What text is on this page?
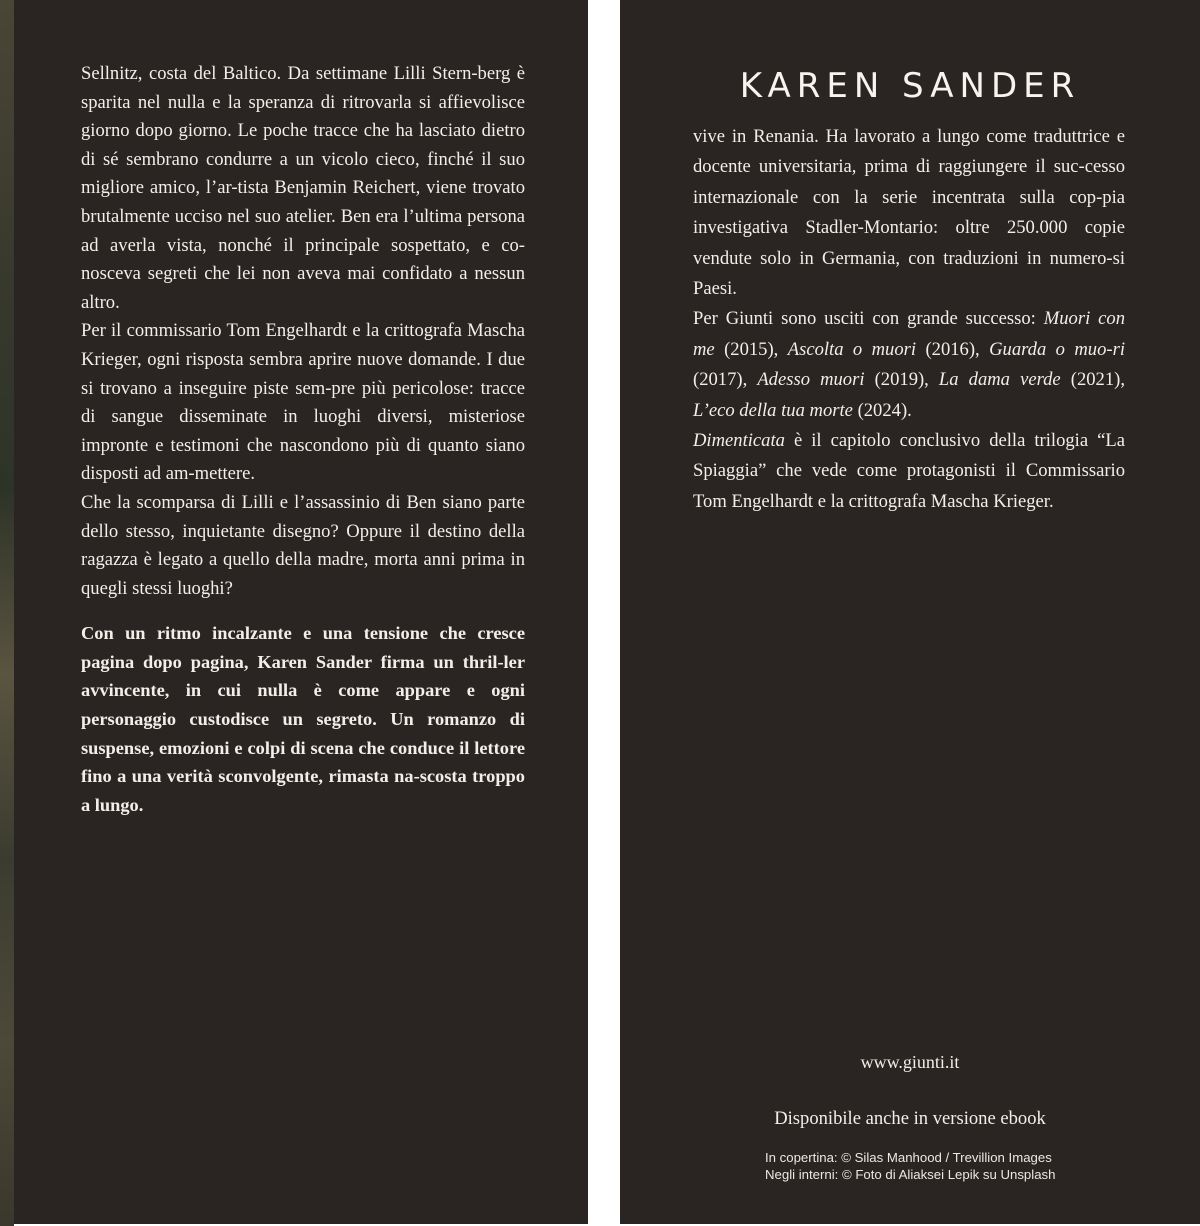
Sellnitz, costa del Baltico. Da settimane Lilli Stern-berg è sparita nel nulla e la speranza di ritrovarla si affievolisce giorno dopo giorno. Le poche tracce che ha lasciato dietro di sé sembrano condurre a un vicolo cieco, finché il suo migliore amico, l’ar-tista Benjamin Reichert, viene trovato brutalmente ucciso nel suo atelier. Ben era l’ultima persona ad averla vista, nonché il principale sospettato, e co-nosceva segreti che lei non aveva mai confidato a nessun altro.

Per il commissario Tom Engelhardt e la crittografa Mascha Krieger, ogni risposta sembra aprire nuove domande. I due si trovano a inseguire piste sem-pre più pericolose: tracce di sangue disseminate in luoghi diversi, misteriose impronte e testimoni che nascondono più di quanto siano disposti ad am-mettere.

Che la scomparsa di Lilli e l’assassinio di Ben siano parte dello stesso, inquietante disegno? Oppure il destino della ragazza è legato a quello della madre, morta anni prima in quegli stessi luoghi?

Con un ritmo incalzante e una tensione che cresce pagina dopo pagina, Karen Sander firma un thril-ler avvincente, in cui nulla è come appare e ogni personaggio custodisce un segreto. Un romanzo di suspense, emozioni e colpi di scena che conduce il lettore fino a una verità sconvolgente, rimasta na-scosta troppo a lungo.

KAREN SANDER

vive in Renania. Ha lavorato a lungo come traduttrice e docente universitaria, prima di raggiungere il suc-cesso internazionale con la serie incentrata sulla cop-pia investigativa Stadler-Montario: oltre 250.000 copie vendute solo in Germania, con traduzioni in numero-si Paesi.

Per Giunti sono usciti con grande successo: Muori con me (2015), Ascolta o muori (2016), Guarda o muo-ri (2017), Adesso muori (2019), La dama verde (2021), L’eco della tua morte (2024).

Dimenticata è il capitolo conclusivo della trilogia “La Spiaggia” che vede come protagonisti il Commissario Tom Engelhardt e la crittografa Mascha Krieger.

www.giunti.it
Disponibile anche in versione ebook
In copertina: © Silas Manhood / Trevillion Images
Negli interni: © Foto di Aliaksei Lepik su Unsplash
